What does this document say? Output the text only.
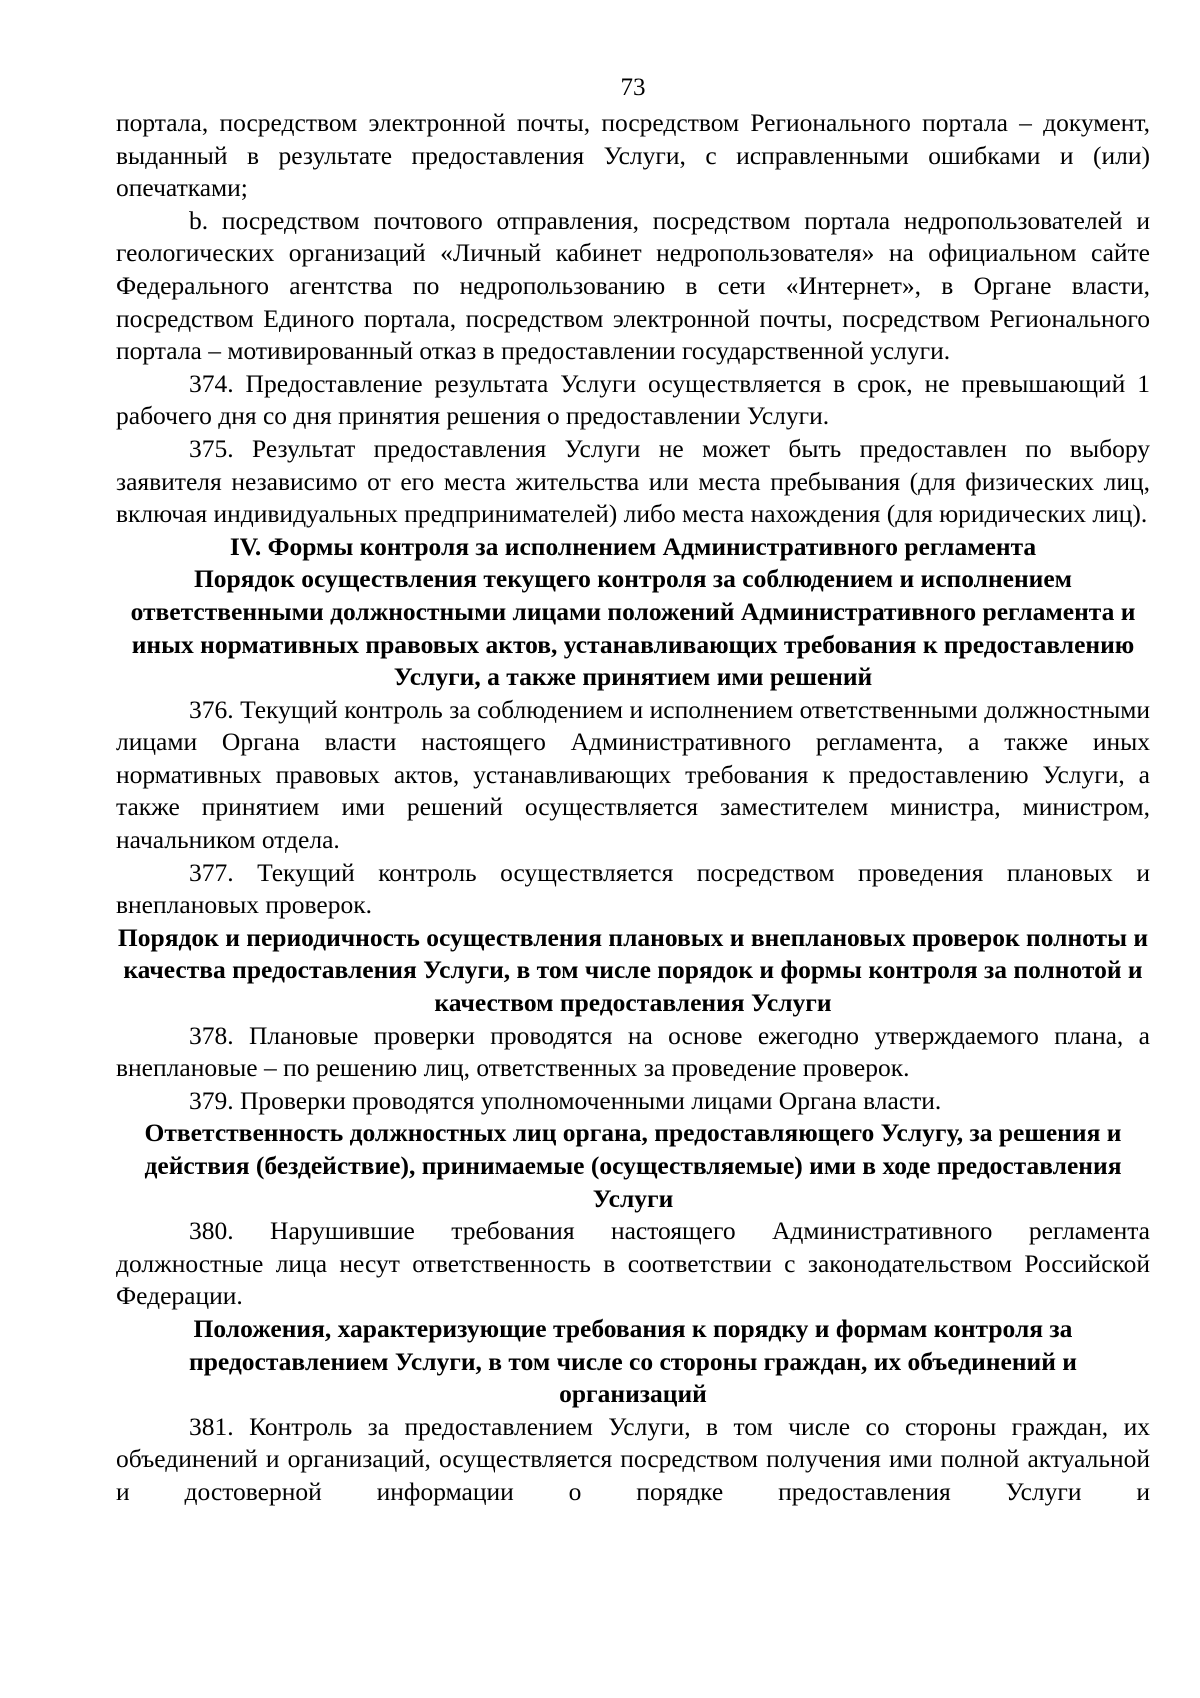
73

портала, посредством электронной почты, посредством Регионального портала – документ, выданный в результате предоставления Услуги, с исправленными ошибками и (или) опечатками;

b. посредством почтового отправления, посредством портала недропользователей и геологических организаций «Личный кабинет недропользователя» на официальном сайте Федерального агентства по недропользованию в сети «Интернет», в Органе власти, посредством Единого портала, посредством электронной почты, посредством Регионального портала – мотивированный отказ в предоставлении государственной услуги.

374. Предоставление результата Услуги осуществляется в срок, не превышающий 1 рабочего дня со дня принятия решения о предоставлении Услуги.

375. Результат предоставления Услуги не может быть предоставлен по выбору заявителя независимо от его места жительства или места пребывания (для физических лиц, включая индивидуальных предпринимателей) либо места нахождения (для юридических лиц).

IV. Формы контроля за исполнением Административного регламента
Порядок осуществления текущего контроля за соблюдением и исполнением ответственными должностными лицами положений Административного регламента и иных нормативных правовых актов, устанавливающих требования к предоставлению Услуги, а также принятием ими решений

376. Текущий контроль за соблюдением и исполнением ответственными должностными лицами Органа власти настоящего Административного регламента, а также иных нормативных правовых актов, устанавливающих требования к предоставлению Услуги, а также принятием ими решений осуществляется заместителем министра, министром, начальником отдела.

377. Текущий контроль осуществляется посредством проведения плановых и внеплановых проверок.

Порядок и периодичность осуществления плановых и внеплановых проверок полноты и качества предоставления Услуги, в том числе порядок и формы контроля за полнотой и качеством предоставления Услуги

378. Плановые проверки проводятся на основе ежегодно утверждаемого плана, а внеплановые – по решению лиц, ответственных за проведение проверок.

379. Проверки проводятся уполномоченными лицами Органа власти.

Ответственность должностных лиц органа, предоставляющего Услугу, за решения и действия (бездействие), принимаемые (осуществляемые) ими в ходе предоставления Услуги

380. Нарушившие требования настоящего Административного регламента должностные лица несут ответственность в соответствии с законодательством Российской Федерации.

Положения, характеризующие требования к порядку и формам контроля за предоставлением Услуги, в том числе со стороны граждан, их объединений и организаций

381. Контроль за предоставлением Услуги, в том числе со стороны граждан, их объединений и организаций, осуществляется посредством получения ими полной актуальной и достоверной информации о порядке предоставления Услуги и
